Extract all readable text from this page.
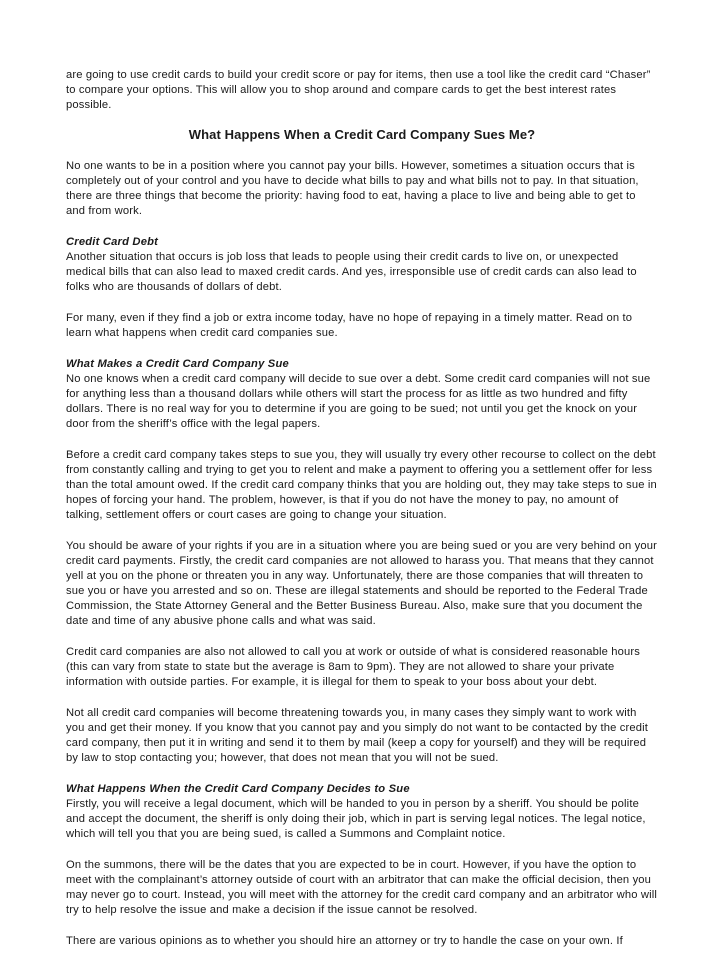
are going to use credit cards to build your credit score or pay for items, then use a tool like the credit card “Chaser” to compare your options. This will allow you to shop around and compare cards to get the best interest rates possible.

What Happens When a Credit Card Company Sues Me?

No one wants to be in a position where you cannot pay your bills. However, sometimes a situation occurs that is completely out of your control and you have to decide what bills to pay and what bills not to pay. In that situation, there are three things that become the priority: having food to eat, having a place to live and being able to get to and from work.

Credit Card Debt

Another situation that occurs is job loss that leads to people using their credit cards to live on, or unexpected medical bills that can also lead to maxed credit cards. And yes, irresponsible use of credit cards can also lead to folks who are thousands of dollars of debt.

For many, even if they find a job or extra income today, have no hope of repaying in a timely matter. Read on to learn what happens when credit card companies sue.

What Makes a Credit Card Company Sue

No one knows when a credit card company will decide to sue over a debt. Some credit card companies will not sue for anything less than a thousand dollars while others will start the process for as little as two hundred and fifty dollars. There is no real way for you to determine if you are going to be sued; not until you get the knock on your door from the sheriff’s office with the legal papers.

Before a credit card company takes steps to sue you, they will usually try every other recourse to collect on the debt from constantly calling and trying to get you to relent and make a payment to offering you a settlement offer for less than the total amount owed. If the credit card company thinks that you are holding out, they may take steps to sue in hopes of forcing your hand. The problem, however, is that if you do not have the money to pay, no amount of talking, settlement offers or court cases are going to change your situation.

You should be aware of your rights if you are in a situation where you are being sued or you are very behind on your credit card payments. Firstly, the credit card companies are not allowed to harass you. That means that they cannot yell at you on the phone or threaten you in any way. Unfortunately, there are those companies that will threaten to sue you or have you arrested and so on. These are illegal statements and should be reported to the Federal Trade Commission, the State Attorney General and the Better Business Bureau. Also, make sure that you document the date and time of any abusive phone calls and what was said.

Credit card companies are also not allowed to call you at work or outside of what is considered reasonable hours (this can vary from state to state but the average is 8am to 9pm). They are not allowed to share your private information with outside parties. For example, it is illegal for them to speak to your boss about your debt.

Not all credit card companies will become threatening towards you, in many cases they simply want to work with you and get their money. If you know that you cannot pay and you simply do not want to be contacted by the credit card company, then put it in writing and send it to them by mail (keep a copy for yourself) and they will be required by law to stop contacting you; however, that does not mean that you will not be sued.

What Happens When the Credit Card Company Decides to Sue

Firstly, you will receive a legal document, which will be handed to you in person by a sheriff. You should be polite and accept the document, the sheriff is only doing their job, which in part is serving legal notices. The legal notice, which will tell you that you are being sued, is called a Summons and Complaint notice.

On the summons, there will be the dates that you are expected to be in court. However, if you have the option to meet with the complainant’s attorney outside of court with an arbitrator that can make the official decision, then you may never go to court. Instead, you will meet with the attorney for the credit card company and an arbitrator who will try to help resolve the issue and make a decision if the issue cannot be resolved.

There are various opinions as to whether you should hire an attorney or try to handle the case on your own. If
